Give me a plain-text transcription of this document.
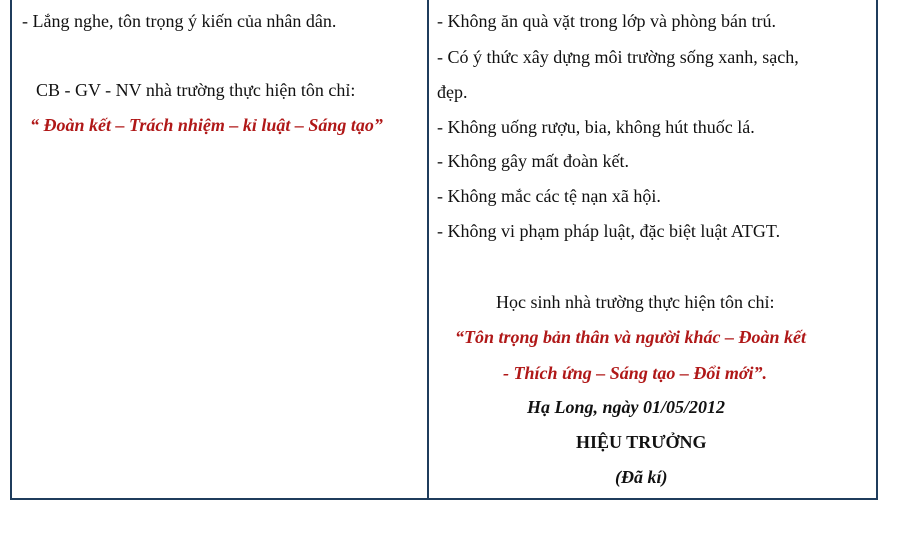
- Lắng nghe, tôn trọng ý kiến của nhân dân.
CB - GV - NV nhà trường thực hiện tôn chỉ:
“ Đoàn kết – Trách nhiệm – kỉ luật – Sáng tạo”
- Không ăn quà vặt trong lớp và phòng bán trú.
- Có ý thức xây dựng môi trường sống xanh, sạch,
đẹp.
- Không uống rượu, bia, không hút thuốc lá.
- Không gây mất đoàn kết.
- Không mắc các tệ nạn xã hội.
- Không vi phạm pháp luật, đặc biệt luật ATGT.
Học sinh nhà trường thực hiện tôn chỉ:
“Tôn trọng bản thân và người khác – Đoàn kết
- Thích ứng – Sáng tạo – Đổi mới”.
Hạ Long, ngày 01/05/2012
HIỆU TRƯỞNG
(Đã kí)
